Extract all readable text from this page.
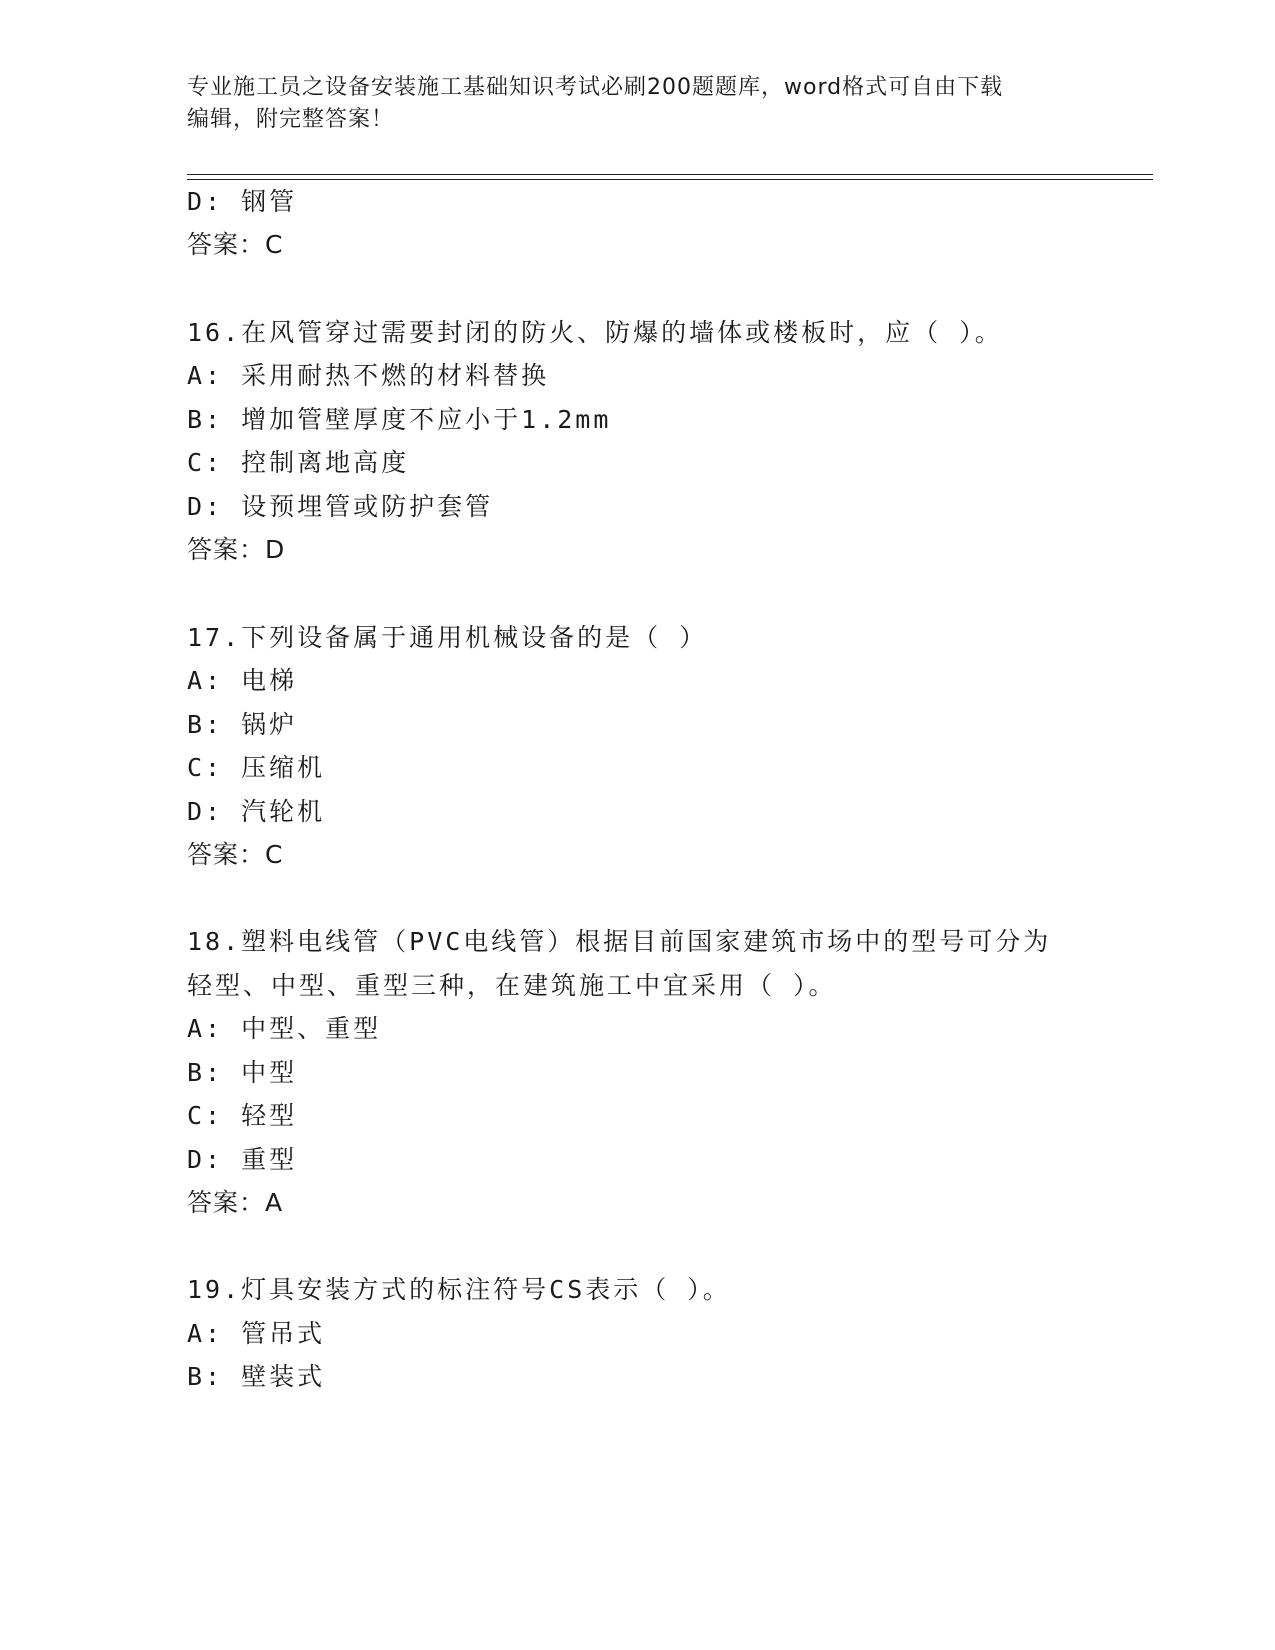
专业施工员之设备安装施工基础知识考试必刷200题题库，word格式可自由下载
编辑，附完整答案！
D: 钢管
答案：C
16.在风管穿过需要封闭的防火、防爆的墙体或楼板时，应（ ）。
A: 采用耐热不燃的材料替换
B: 增加管壁厚度不应小于1.2mm
C: 控制离地高度
D: 设预埋管或防护套管
答案：D
17.下列设备属于通用机械设备的是（ ）
A: 电梯
B: 锅炉
C: 压缩机
D: 汽轮机
答案：C
18.塑料电线管（PVC电线管）根据目前国家建筑市场中的型号可分为
轻型、中型、重型三种，在建筑施工中宜采用（ ）。
A: 中型、重型
B: 中型
C: 轻型
D: 重型
答案：A
19.灯具安装方式的标注符号CS表示（ ）。
A: 管吊式
B: 壁装式
